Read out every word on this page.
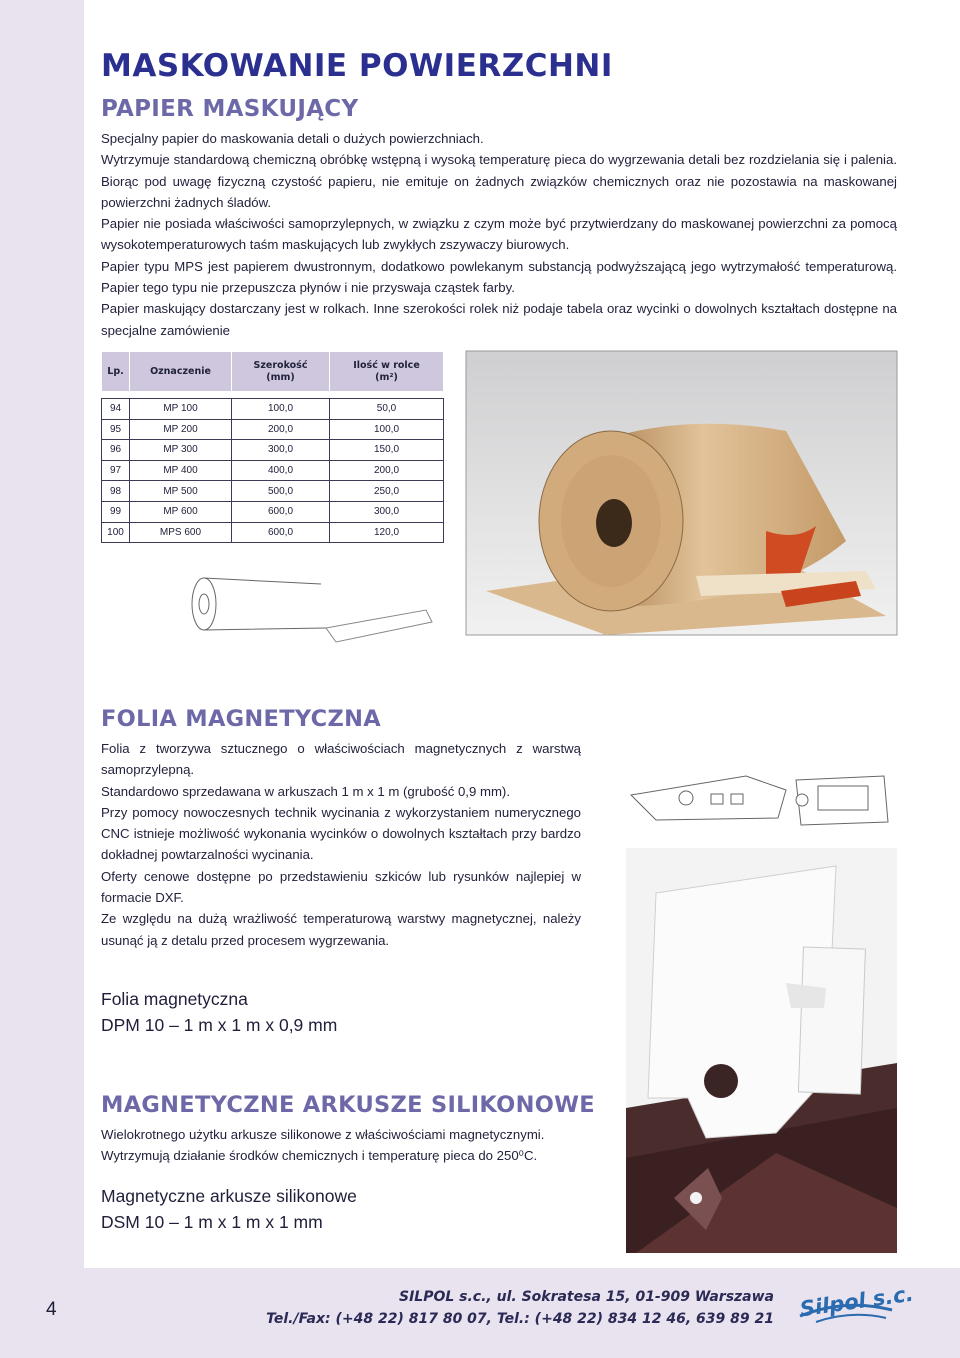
MASKOWANIE POWIERZCHNI
PAPIER MASKUJĄCY

Specjalny papier do maskowania detali o dużych powierzchniach.

Wytrzymuje standardową chemiczną obróbkę wstępną i wysoką temperaturę pieca do wygrzewania detali bez rozdzielania się i palenia. Biorąc pod uwagę fizyczną czystość papieru, nie emituje on żadnych związków chemicznych oraz nie pozostawia na maskowanej powierzchni żadnych śladów.

Papier nie posiada właściwości samoprzylepnych, w związku z czym może być przytwierdzany do maskowanej powierzchni za pomocą wysokotemperaturowych taśm maskujących lub zwykłych zszywaczy biurowych.

Papier typu MPS jest papierem dwustronnym, dodatkowo powlekanym substancją podwyższającą jego wytrzymałość temperaturową. Papier tego typu nie przepuszcza płynów i nie przyswaja cząstek farby.

Papier maskujący dostarczany jest w rolkach. Inne szerokości rolek niż podaje tabela oraz wycinki o dowolnych kształtach dostępne na specjalne zamówienie

Lp.	Oznaczenie	Szerokość (mm)	Ilość w rolce (m²)

94	MP 100	100,0	50,0
95	MP 200	200,0	100,0
96	MP 300	300,0	150,0
97	MP 400	400,0	200,0
98	MP 500	500,0	250,0
99	MP 600	600,0	300,0
100	MPS 600	600,0	120,0
FOLIA MAGNETYCZNA

Folia z tworzywa sztucznego o właściwościach magnetycznych z warstwą samoprzylepną.

Standardowo sprzedawana w arkuszach 1 m x 1 m (grubość 0,9 mm).

Przy pomocy nowoczesnych technik wycinania z wykorzystaniem numerycznego CNC istnieje możliwość wykonania wycinków o dowolnych kształtach przy bardzo dokładnej powtarzalności wycinania.

Oferty cenowe dostępne po przedstawieniu szkiców lub rysunków najlepiej w formacie DXF.

Ze względu na dużą wrażliwość temperaturową warstwy magnetycznej, należy usunąć ją z detalu przed procesem wygrzewania.

Folia magnetyczna
DPM 10 – 1 m x 1 m x 0,9 mm
MAGNETYCZNE ARKUSZE SILIKONOWE

Wielokrotnego użytku arkusze silikonowe z właściwościami magnetycznymi.

Wytrzymują działanie środków chemicznych i temperaturę pieca do 250⁰C.

Magnetyczne arkusze silikonowe
DSM 10 – 1 m x 1 m x 1 mm
4
SILPOL s.c., ul. Sokratesa 15, 01-909 Warszawa
Tel./Fax: (+48 22) 817 80 07, Tel.: (+48 22) 834 12 46, 639 89 21 Silpol s.c.
